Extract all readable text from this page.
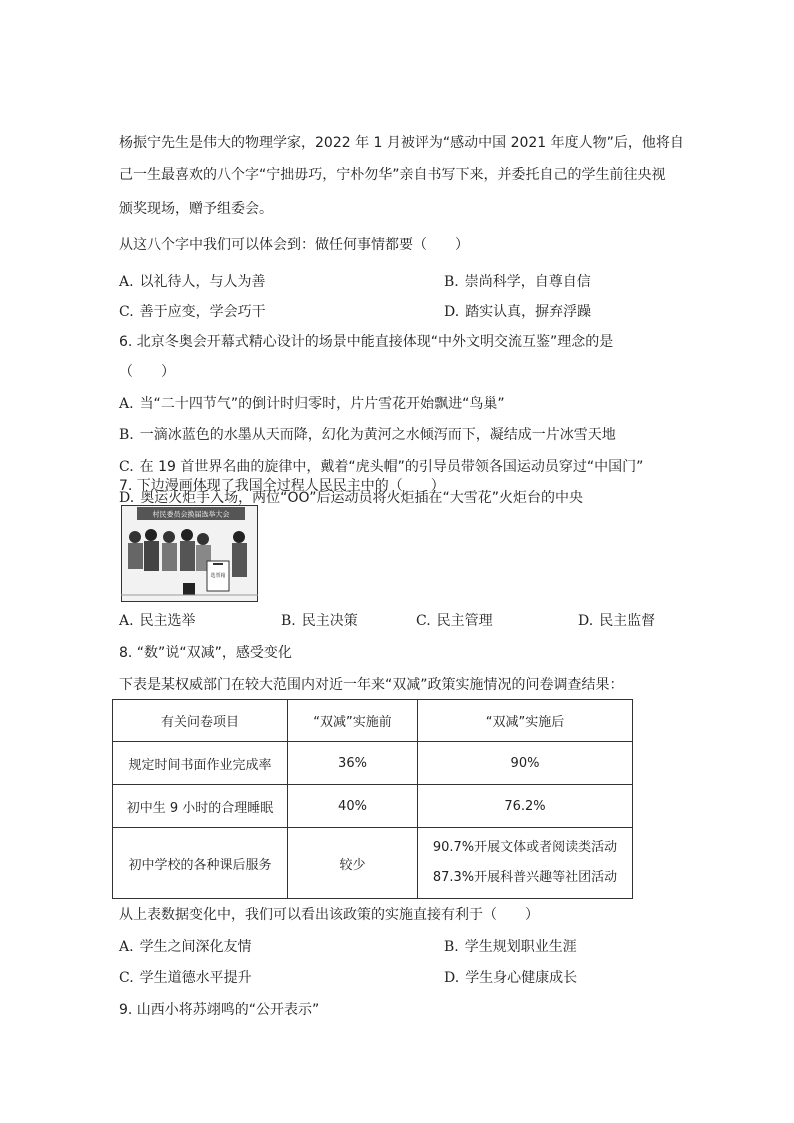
杨振宁先生是伟大的物理学家，2022 年 1 月被评为“感动中国 2021 年度人物”后，他将自
己一生最喜欢的八个字“宁拙毋巧，宁朴勿华”亲自书写下来，并委托自己的学生前往央视
颁奖现场，赠予组委会。
从这八个字中我们可以体会到：做任何事情都要（　　）
A. 以礼待人，与人为善	B. 崇尚科学，自尊自信
C. 善于应变，学会巧干	D. 踏实认真，摒弃浮躁
6. 北京冬奥会开幕式精心设计的场景中能直接体现“中外文明交流互鉴”理念的是
（　　）
A. 当“二十四节气”的倒计时归零时，片片雪花开始飘进“鸟巢”
B. 一滴冰蓝色的水墨从天而降，幻化为黄河之水倾泻而下，凝结成一片冰雪天地
C. 在 19 首世界名曲的旋律中，戴着“虎头帽”的引导员带领各国运动员穿过“中国门”
D. 奥运火炬手入场，两位“OO”后运动员将火炬插在“大雪花”火炬台的中央
7. 下边漫画体现了我国全过程人民民主中的（　　）
村民委员会换届选举大会
选票箱
A. 民主选举	B. 民主决策	C. 民主管理	D. 民主监督
8. “数”说“双减”，感受变化
下表是某权威部门在较大范围内对近一年来“双减”政策实施情况的问卷调查结果：
有关问卷项目	“双减”实施前	“双减”实施后
规定时间书面作业完成率	36%	90%
初中生 9 小时的合理睡眠	40%	76.2%
初中学校的各种课后服务	较少	90.7%开展文体或者阅读类活动
87.3%开展科普兴趣等社团活动
从上表数据变化中，我们可以看出该政策的实施直接有利于（　　）
A. 学生之间深化友情	B. 学生规划职业生涯
C. 学生道德水平提升	D. 学生身心健康成长
9. 山西小将苏翊鸣的“公开表示”
